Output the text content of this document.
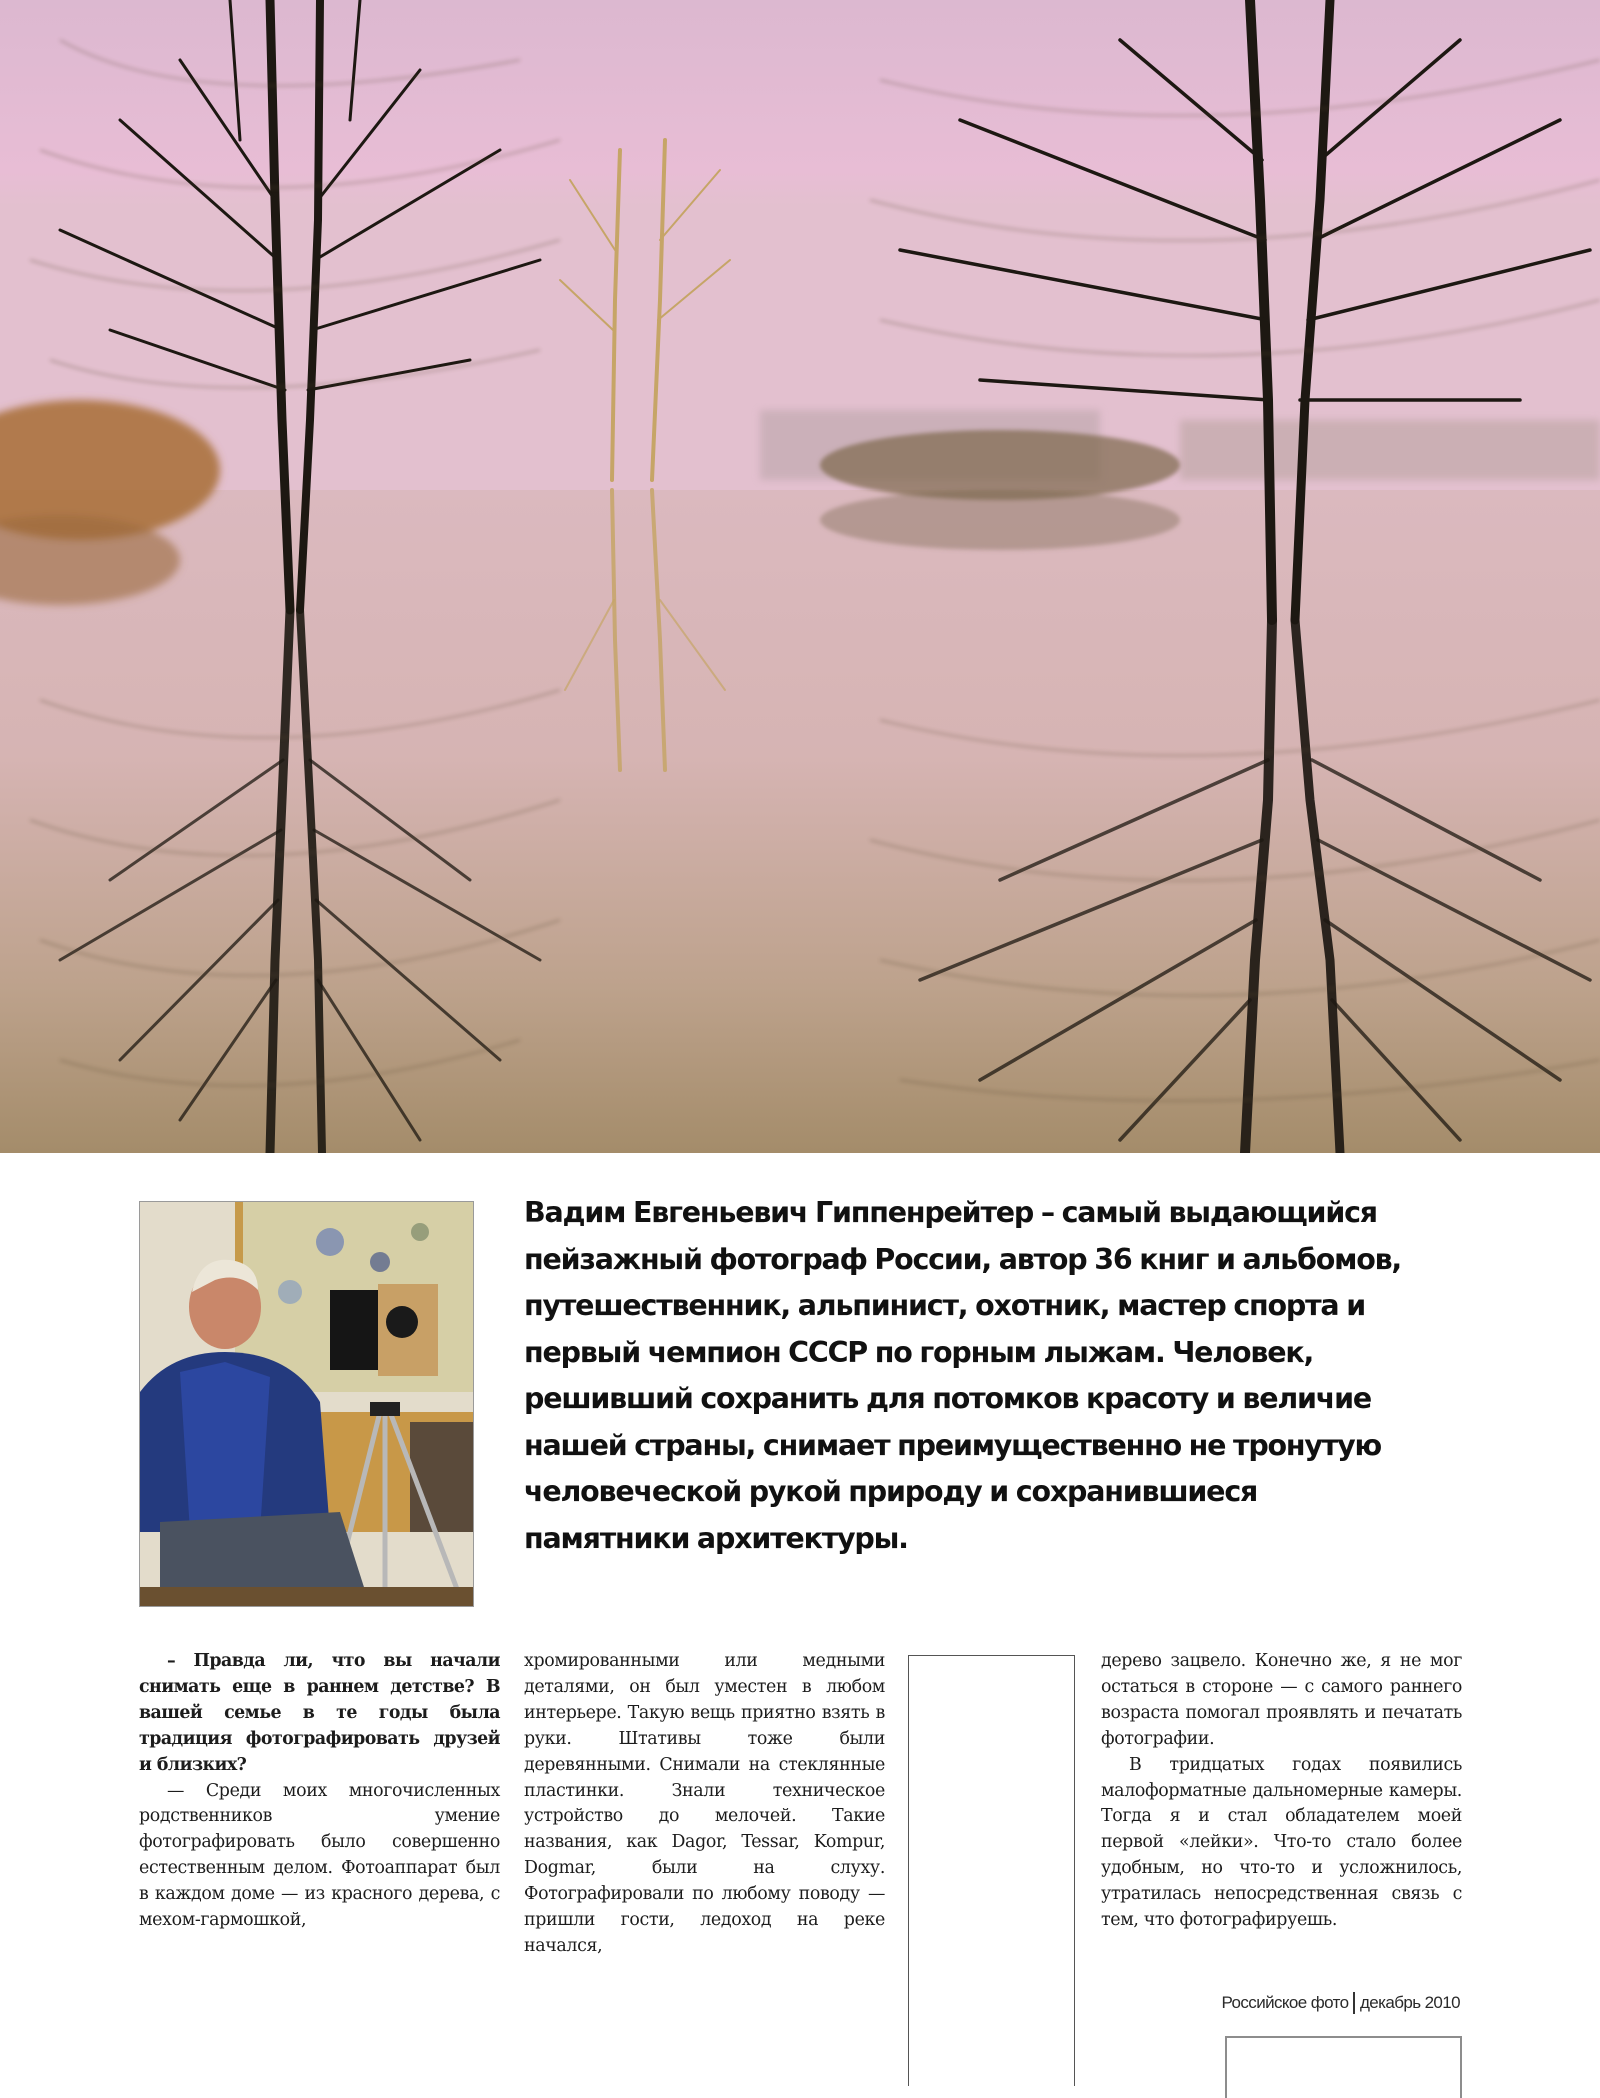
Вадим Евгеньевич Гиппенрейтер – самый выдающийся пейзажный фотограф России, автор 36 книг и альбомов, путешественник, альпинист, охотник, мастер спорта и первый чемпион СССР по горным лыжам. Человек, решивший сохранить для потомков красоту и величие нашей страны, снимает преимущественно не тронутую человеческой рукой природу и сохранившиеся памятники архитектуры.

– Правда ли, что вы начали снимать еще в раннем детстве? В вашей семье в те годы была традиция фотографировать друзей и близких?

— Среди моих многочисленных родственников умение фотографировать было совершенно естественным делом. Фотоаппарат был в каждом доме — из красного дерева, с мехом-гармошкой,

хромированными или медными деталями, он был уместен в любом интерьере. Такую вещь приятно взять в руки. Штативы тоже были деревянными. Снимали на стеклянные пластинки. Знали техническое устройство до мелочей. Такие названия, как Dagor, Tessar, Kompur, Dogmar, были на слуху. Фотографировали по любому поводу — пришли гости, ледоход на реке начался,

дерево зацвело. Конечно же, я не мог остаться в стороне — с самого раннего возраста помогал проявлять и печатать фотографии.

В тридцатых годах появились малоформатные дальномерные камеры. Тогда я и стал обладателем моей первой «лейки». Что-то стало более удобным, но что-то и усложнилось, утратилась непосредственная связь с тем, что фотографируешь.

Российское фото декабрь 2010
